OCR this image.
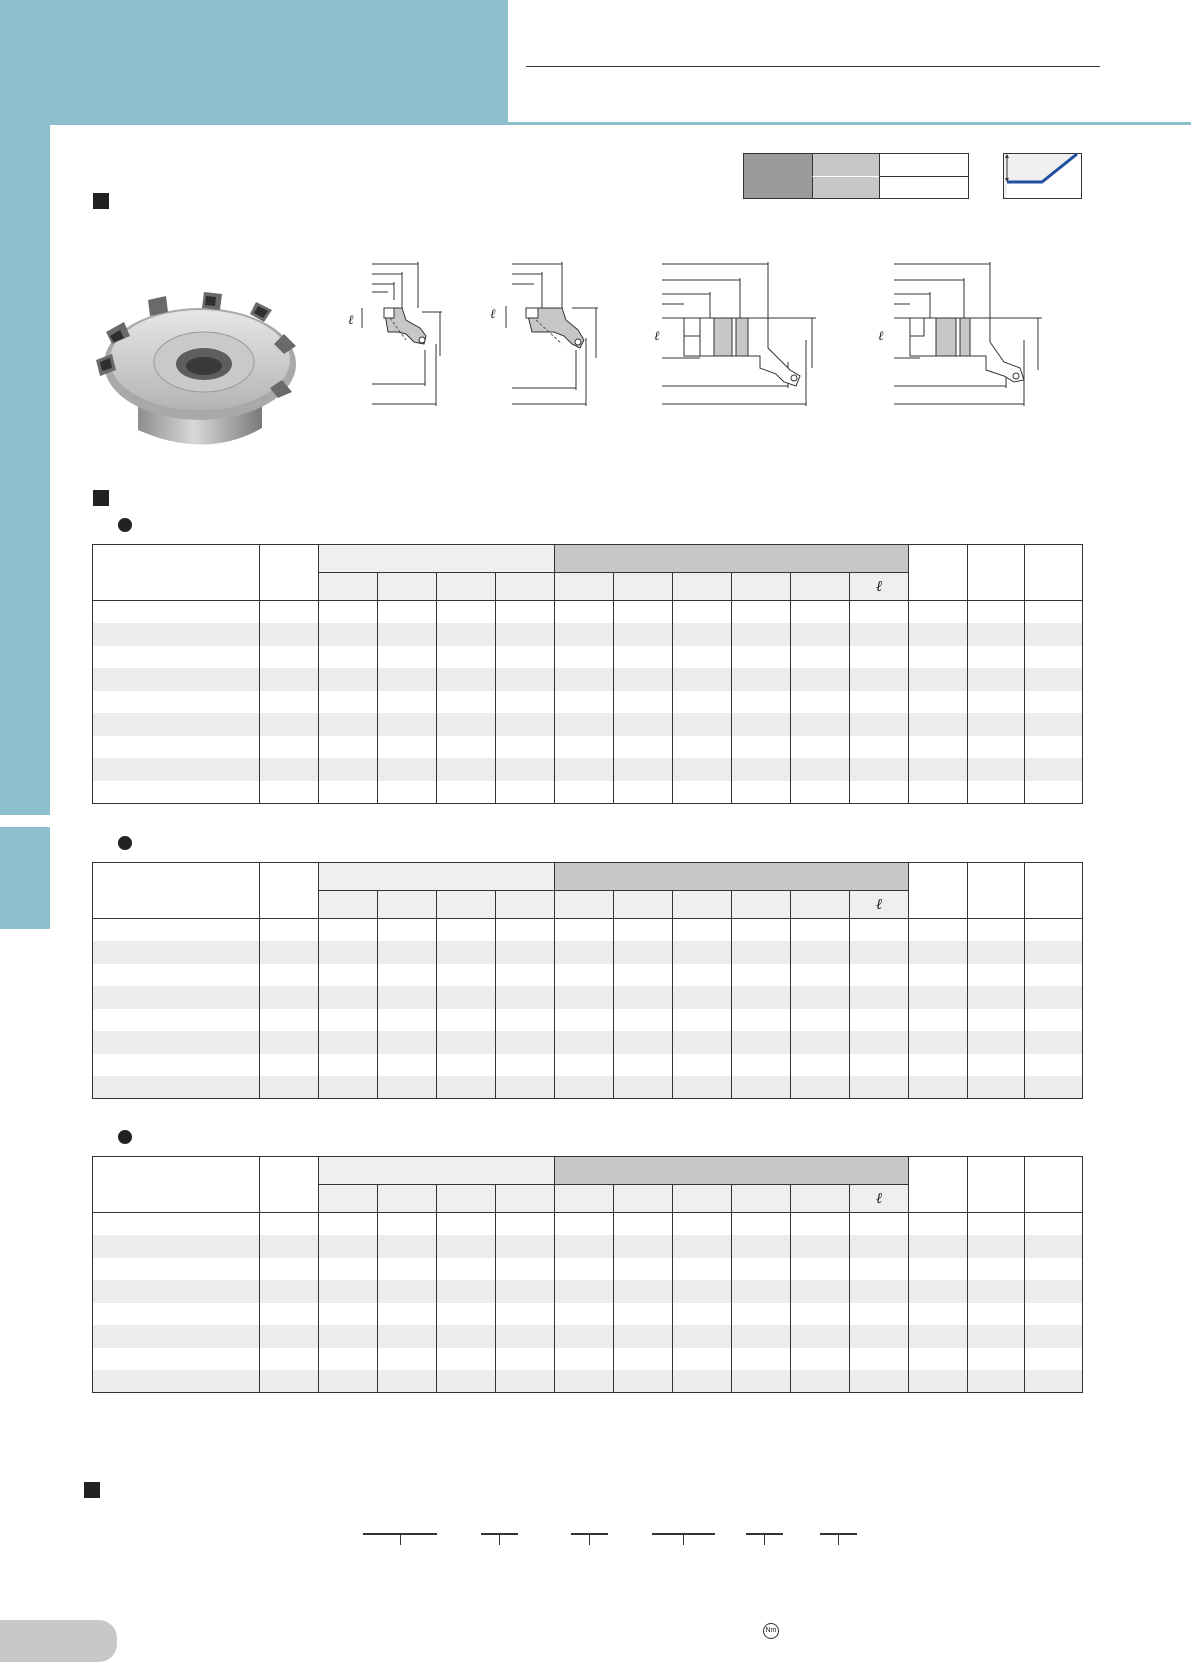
ℓ	ℓ
ℓ	ℓ

											ℓ			

											ℓ			

											ℓ			

Nm
